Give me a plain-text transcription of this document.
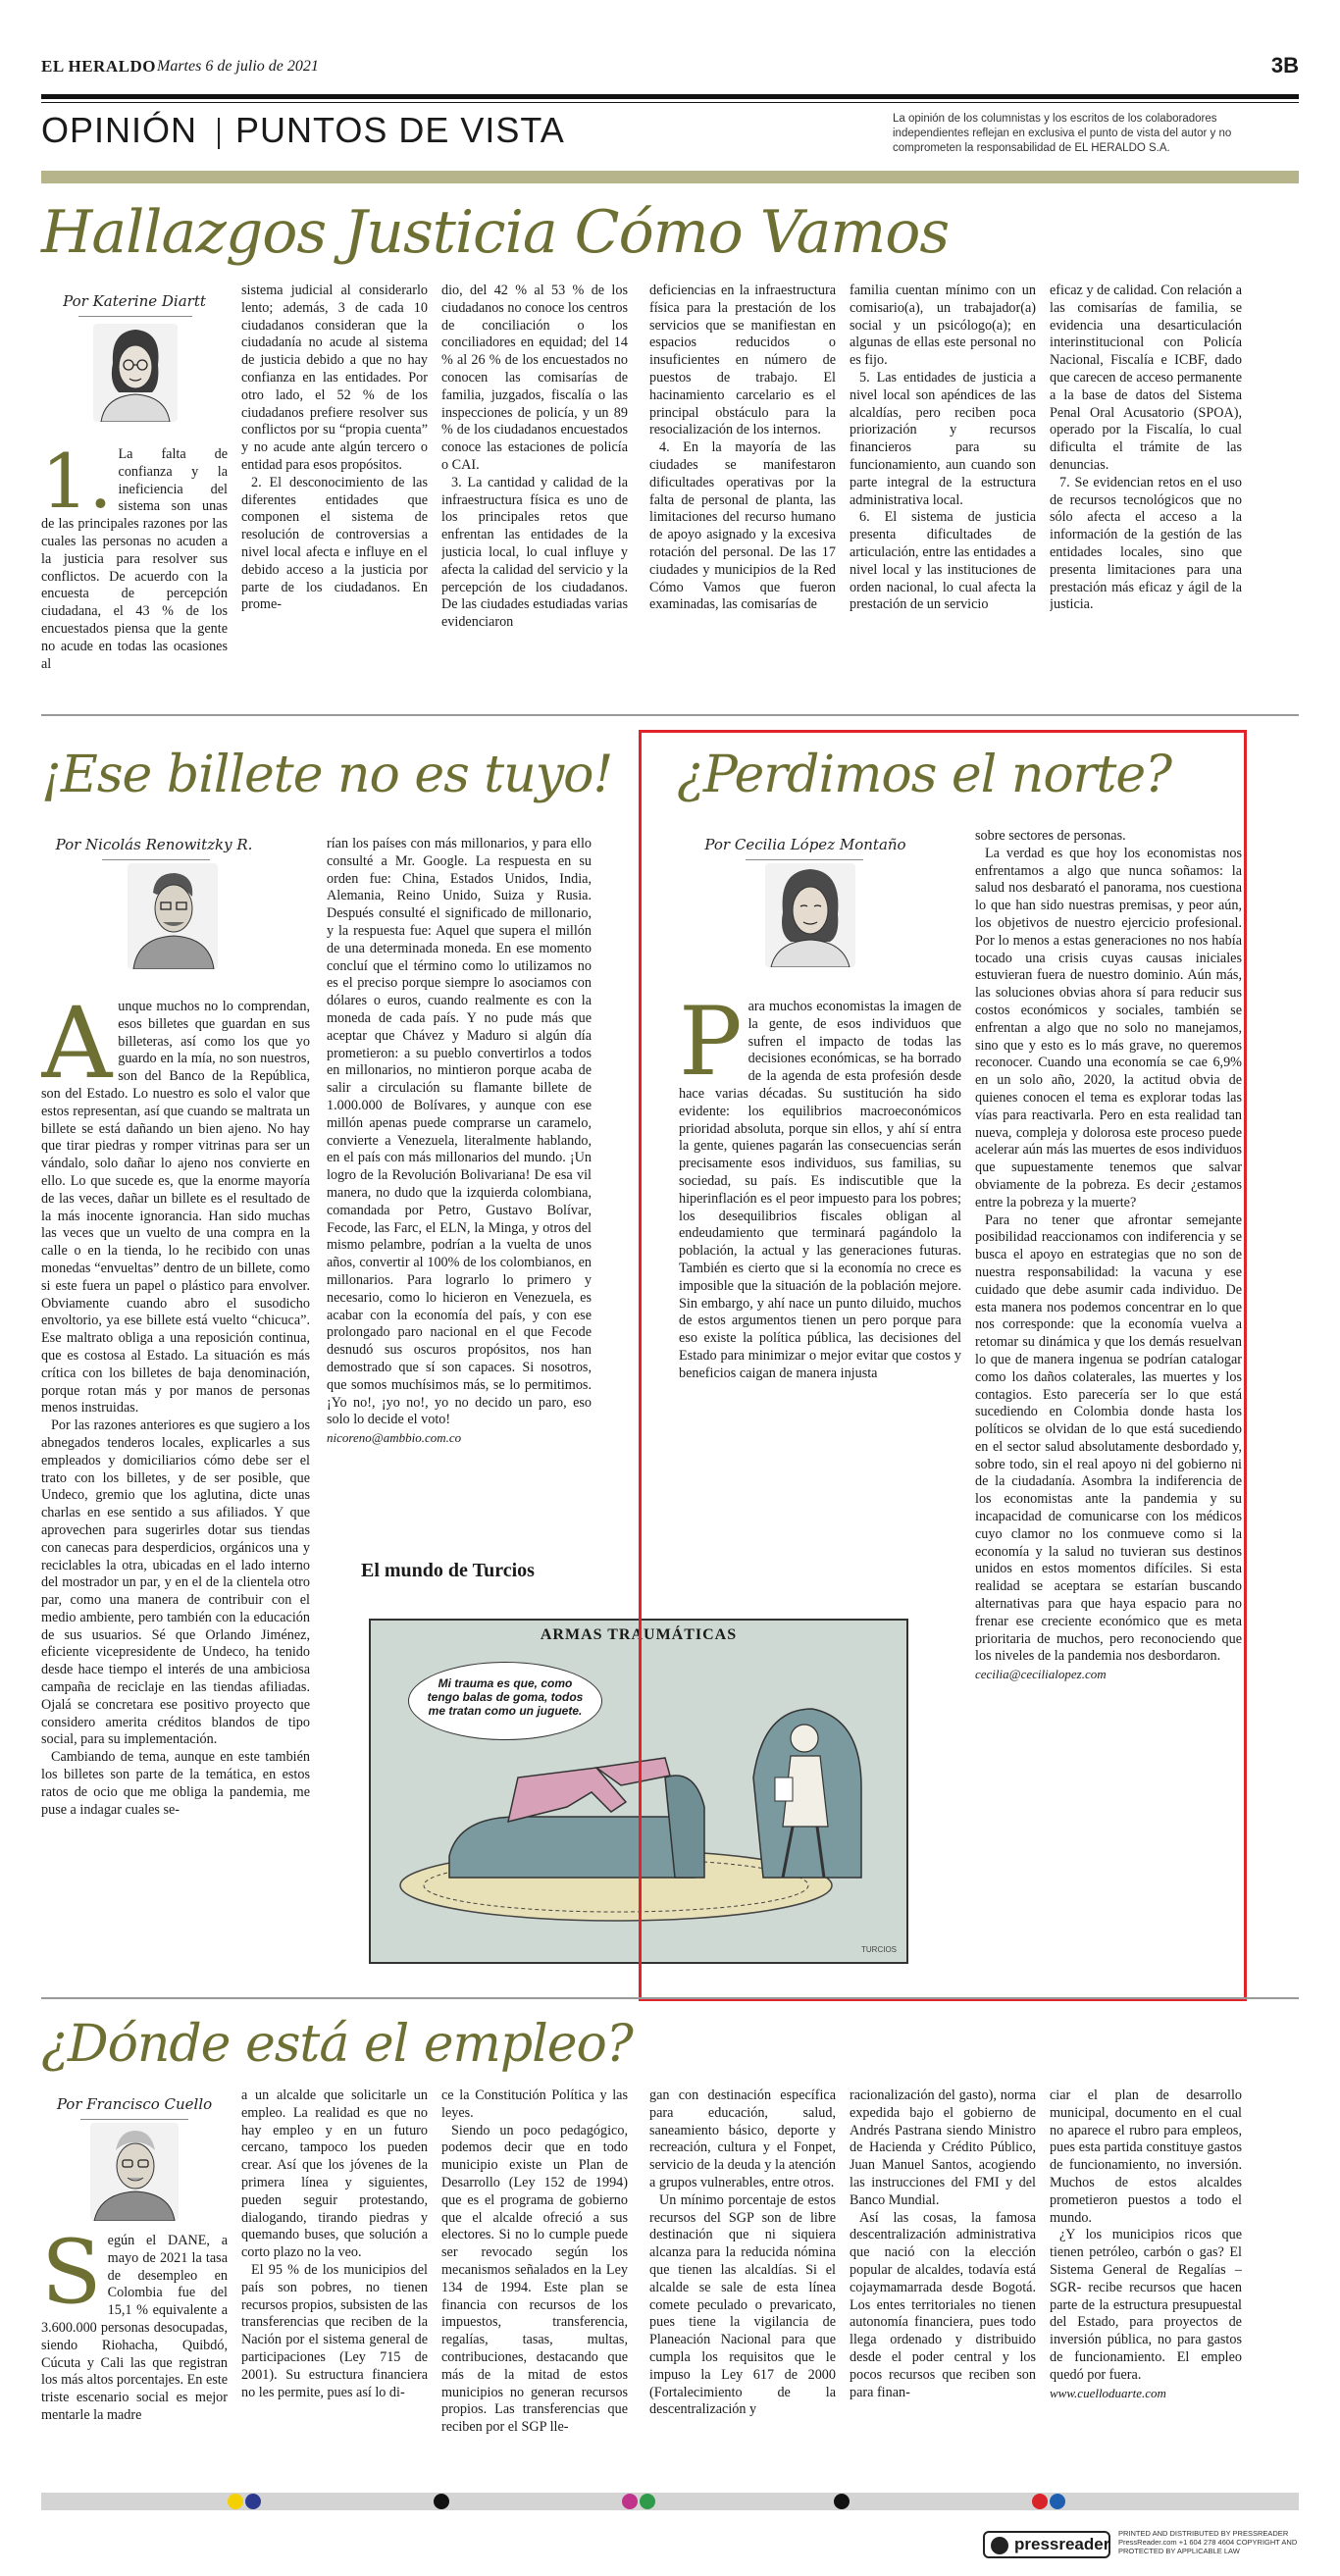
EL HERALDO Martes 6 de julio de 2021	3B
OPINIÓN PUNTOS DE VISTA	La opinión de los columnistas y los escritos de los colaboradores independientes reflejan en exclusiva el punto de vista del autor y no comprometen la responsabilidad de EL HERALDO S.A.
Hallazgos Justicia Cómo Vamos
Por Katerine Diartt

1. La falta de confianza y la ineficiencia del sistema son unas de las principales razones por las cuales las personas no acuden a la justicia para resolver sus conflictos. De acuerdo con la encuesta de percepción ciudadana, el 43 % de los encuestados piensa que la gente no acude en todas las ocasiones al

sistema judicial al considerarlo lento; además, 3 de cada 10 ciudadanos consideran que la ciudadanía no acude al sistema de justicia debido a que no hay confianza en las entidades. Por otro lado, el 52 % de los ciudadanos prefiere resolver sus conflictos por su “propia cuenta” y no acude ante algún tercero o entidad para esos propósitos.

2. El desconocimiento de las diferentes entidades que componen el sistema de resolución de controversias a nivel local afecta e influye en el debido acceso a la justicia por parte de los ciudadanos. En prome-

dio, del 42 % al 53 % de los ciudadanos no conoce los centros de conciliación o los conciliadores en equidad; del 14 % al 26 % de los encuestados no conocen las comisarías de familia, juzgados, fiscalía o las inspecciones de policía, y un 89 % de los ciudadanos encuestados conoce las estaciones de policía o CAI.

3. La cantidad y calidad de la infraestructura física es uno de los principales retos que enfrentan las entidades de la justicia local, lo cual influye y afecta la calidad del servicio y la percepción de los ciudadanos. De las ciudades estudiadas varias evidenciaron

deficiencias en la infraestructura física para la prestación de los servicios que se manifiestan en espacios reducidos o insuficientes en número de puestos de trabajo. El hacinamiento carcelario es el principal obstáculo para la resocialización de los internos.

4. En la mayoría de las ciudades se manifestaron dificultades operativas por la falta de personal de planta, las limitaciones del recurso humano de apoyo asignado y la excesiva rotación del personal. De las 17 ciudades y municipios de la Red Cómo Vamos que fueron examinadas, las comisarías de

familia cuentan mínimo con un comisario(a), un trabajador(a) social y un psicólogo(a); en algunas de ellas este personal no es fijo.

5. Las entidades de justicia a nivel local son apéndices de las alcaldías, pero reciben poca priorización y recursos financieros para su funcionamiento, aun cuando son parte integral de la estructura administrativa local.

6. El sistema de justicia presenta dificultades de articulación, entre las entidades a nivel local y las instituciones de orden nacional, lo cual afecta la prestación de un servicio

eficaz y de calidad. Con relación a las comisarías de familia, se evidencia una desarticulación interinstitucional con Policía Nacional, Fiscalía e ICBF, dado que carecen de acceso permanente a la base de datos del Sistema Penal Oral Acusatorio (SPOA), operado por la Fiscalía, lo cual dificulta el trámite de las denuncias.

7. Se evidencian retos en el uso de recursos tecnológicos que no sólo afecta el acceso a la información de la gestión de las entidades locales, sino que presenta limitaciones para una prestación más eficaz y ágil de la justicia.

¡Ese billete no es tuyo!
Por Nicolás Renowitzky R.

Aunque muchos no lo comprendan, esos billetes que guardan en sus billeteras, así como los que yo guardo en la mía, no son nuestros, son del Banco de la República, son del Estado. Lo nuestro es solo el valor que estos representan, así que cuando se maltrata un billete se está dañando un bien ajeno. No hay que tirar piedras y romper vitrinas para ser un vándalo, solo dañar lo ajeno nos convierte en ello. Lo que sucede es, que la enorme mayoría de las veces, dañar un billete es el resultado de la más inocente ignorancia. Han sido muchas las veces que un vuelto de una compra en la calle o en la tienda, lo he recibido con unas monedas “envueltas” dentro de un billete, como si este fuera un papel o plástico para envolver. Obviamente cuando abro el susodicho envoltorio, ya ese billete está vuelto “chicuca”. Ese maltrato obliga a una reposición continua, que es costosa al Estado. La situación es más crítica con los billetes de baja denominación, porque rotan más y por manos de personas menos instruidas.

Por las razones anteriores es que sugiero a los abnegados tenderos locales, explicarles a sus empleados y domiciliarios cómo debe ser el trato con los billetes, y de ser posible, que Undeco, gremio que los aglutina, dicte unas charlas en ese sentido a sus afiliados. Y que aprovechen para sugerirles dotar sus tiendas con canecas para desperdicios, orgánicos una y reciclables la otra, ubicadas en el lado interno del mostrador un par, y en el de la clientela otro par, como una manera de contribuir con el medio ambiente, pero también con la educación de sus usuarios. Sé que Orlando Jiménez, eficiente vicepresidente de Undeco, ha tenido desde hace tiempo el interés de una ambiciosa campaña de reciclaje en las tiendas afiliadas. Ojalá se concretara ese positivo proyecto que considero amerita créditos blandos de tipo social, para su implementación.

Cambiando de tema, aunque en este también los billetes son parte de la temática, en estos ratos de ocio que me obliga la pandemia, me puse a indagar cuales se-

rían los países con más millonarios, y para ello consulté a Mr. Google. La respuesta en su orden fue: China, Estados Unidos, India, Alemania, Reino Unido, Suiza y Rusia. Después consulté el significado de millonario, y la respuesta fue: Aquel que supera el millón de una determinada moneda. En ese momento concluí que el término como lo utilizamos no es el preciso porque siempre lo asociamos con dólares o euros, cuando realmente es con la moneda de cada país. Y no pude más que aceptar que Chávez y Maduro si algún día prometieron: a su pueblo convertirlos a todos en millonarios, no mintieron porque acaba de salir a circulación su flamante billete de 1.000.000 de Bolívares, y aunque con ese millón apenas puede comprarse un caramelo, convierte a Venezuela, literalmente hablando, en el país con más millonarios del mundo. ¡Un logro de la Revolución Bolivariana! De esa vil manera, no dudo que la izquierda colombiana, comandada por Petro, Gustavo Bolívar, Fecode, las Farc, el ELN, la Minga, y otros del mismo pelambre, podrían a la vuelta de unos años, convertir al 100% de los colombianos, en millonarios. Para lograrlo lo primero y necesario, como lo hicieron en Venezuela, es acabar con la economía del país, y con ese prolongado paro nacional en el que Fecode desnudó sus oscuros propósitos, nos han demostrado que sí son capaces. Si nosotros, que somos muchísimos más, se lo permitimos. ¡Yo no!, ¡yo no!, yo no decido un paro, eso solo lo decide el voto!

nicoreno@ambbio.com.co

El mundo de Turcios
ARMAS TRAUMÁTICAS
TURCIOS
Mi trauma es que, como tengo balas de goma, todos me tratan como un juguete.
¿Perdimos el norte?
Por Cecilia López Montaño

Para muchos economistas la imagen de la gente, de esos individuos que sufren el impacto de todas las decisiones económicas, se ha borrado de la agenda de esta profesión desde hace varias décadas. Su sustitución ha sido evidente: los equilibrios macroeconómicos prioridad absoluta, porque sin ellos, y ahí sí entra la gente, quienes pagarán las consecuencias serán precisamente esos individuos, sus familias, su sociedad, su país. Es indiscutible que la hiperinflación es el peor impuesto para los pobres; los desequilibrios fiscales obligan al endeudamiento que terminará pagándolo la población, la actual y las generaciones futuras. También es cierto que si la economía no crece es imposible que la situación de la población mejore. Sin embargo, y ahí nace un punto diluido, muchos de estos argumentos tienen un pero porque para eso existe la política pública, las decisiones del Estado para minimizar o mejor evitar que costos y beneficios caigan de manera injusta

sobre sectores de personas.

La verdad es que hoy los economistas nos enfrentamos a algo que nunca soñamos: la salud nos desbarató el panorama, nos cuestiona lo que han sido nuestras premisas, y peor aún, los objetivos de nuestro ejercicio profesional. Por lo menos a estas generaciones no nos había tocado una crisis cuyas causas iniciales estuvieran fuera de nuestro dominio. Aún más, las soluciones obvias ahora sí para reducir sus costos económicos y sociales, también se enfrentan a algo que no solo no manejamos, sino que y esto es lo más grave, no queremos reconocer. Cuando una economía se cae 6,9% en un solo año, 2020, la actitud obvia de quienes conocen el tema es explorar todas las vías para reactivarla. Pero en esta realidad tan nueva, compleja y dolorosa este proceso puede acelerar aún más las muertes de esos individuos que supuestamente tenemos que salvar obviamente de la pobreza. Es decir ¿estamos entre la pobreza y la muerte?

Para no tener que afrontar semejante posibilidad reaccionamos con indiferencia y se busca el apoyo en estrategias que no son de nuestra responsabilidad: la vacuna y ese cuidado que debe asumir cada individuo. De esta manera nos podemos concentrar en lo que nos corresponde: que la economía vuelva a retomar su dinámica y que los demás resuelvan lo que de manera ingenua se podrían catalogar como los daños colaterales, las muertes y los contagios. Esto parecería ser lo que está sucediendo en Colombia donde hasta los políticos se olvidan de lo que está sucediendo en el sector salud absolutamente desbordado y, sobre todo, sin el real apoyo ni del gobierno ni de la ciudadanía. Asombra la indiferencia de los economistas ante la pandemia y su incapacidad de comunicarse con los médicos cuyo clamor no los conmueve como si la economía y la salud no tuvieran sus destinos unidos en estos momentos difíciles. Si esta realidad se aceptara se estarían buscando alternativas para que haya espacio para no frenar ese creciente económico que es meta prioritaria de muchos, pero reconociendo que los niveles de la pandemia nos desbordaron.

cecilia@cecilialopez.com

¿Dónde está el empleo?
Por Francisco Cuello

Según el DANE, a mayo de 2021 la tasa de desempleo en Colombia fue del 15,1 % equivalente a 3.600.000 personas desocupadas, siendo Riohacha, Quibdó, Cúcuta y Cali las que registran los más altos porcentajes. En este triste escenario social es mejor mentarle la madre

a un alcalde que solicitarle un empleo. La realidad es que no hay empleo y en un futuro cercano, tampoco los pueden crear. Así que los jóvenes de la primera línea y siguientes, pueden seguir protestando, dialogando, tirando piedras y quemando buses, que solución a corto plazo no la veo.

El 95 % de los municipios del país son pobres, no tienen recursos propios, subsisten de las transferencias que reciben de la Nación por el sistema general de participaciones (Ley 715 de 2001). Su estructura financiera no les permite, pues así lo di-

ce la Constitución Política y las leyes.

Siendo un poco pedagógico, podemos decir que en todo municipio existe un Plan de Desarrollo (Ley 152 de 1994) que es el programa de gobierno que el alcalde ofreció a sus electores. Si no lo cumple puede ser revocado según los mecanismos señalados en la Ley 134 de 1994. Este plan se financia con recursos de los impuestos, transferencia, regalías, tasas, multas, contribuciones, destacando que más de la mitad de estos municipios no generan recursos propios. Las transferencias que reciben por el SGP lle-

gan con destinación específica para educación, salud, saneamiento básico, deporte y recreación, cultura y el Fonpet, servicio de la deuda y la atención a grupos vulnerables, entre otros.

Un mínimo porcentaje de estos recursos del SGP son de libre destinación que ni siquiera alcanza para la reducida nómina que tienen las alcaldías. Si el alcalde se sale de esta línea comete peculado o prevaricato, pues tiene la vigilancia de Planeación Nacional para que cumpla los requisitos que le impuso la Ley 617 de 2000 (Fortalecimiento de la descentralización y

racionalización del gasto), norma expedida bajo el gobierno de Andrés Pastrana siendo Ministro de Hacienda y Crédito Público, Juan Manuel Santos, acogiendo las instrucciones del FMI y del Banco Mundial.

Así las cosas, la famosa descentralización administrativa que nació con la elección popular de alcaldes, todavía está cojaymamarrada desde Bogotá. Los entes territoriales no tienen autonomía financiera, pues todo llega ordenado y distribuido desde el poder central y los pocos recursos que reciben son para finan-

ciar el plan de desarrollo municipal, documento en el cual no aparece el rubro para empleos, pues esta partida constituye gastos de funcionamiento, no inversión. Muchos de estos alcaldes prometieron puestos a todo el mundo.

¿Y los municipios ricos que tienen petróleo, carbón o gas? El Sistema General de Regalías – SGR- recibe recursos que hacen parte de la estructura presupuestal del Estado, para proyectos de inversión pública, no para gastos de funcionamiento. El empleo quedó por fuera.

www.cuelloduarte.com

pressreader
PRINTED AND DISTRIBUTED BY PRESSREADER PressReader.com +1 604 278 4604 COPYRIGHT AND PROTECTED BY APPLICABLE LAW
